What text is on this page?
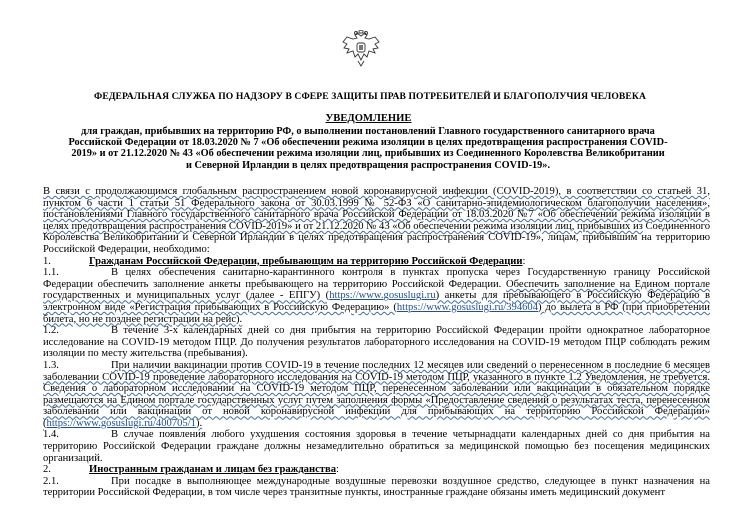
ФЕДЕРАЛЬНАЯ СЛУЖБА ПО НАДЗОРУ В СФЕРЕ ЗАЩИТЫ ПРАВ ПОТРЕБИТЕЛЕЙ И БЛАГОПОЛУЧИЯ ЧЕЛОВЕКА
УВЕДОМЛЕНИЕ
для граждан, прибывших на территорию РФ, о выполнении постановлений Главного государственного санитарного врача Российской Федерации от 18.03.2020 № 7 «Об обеспечении режима изоляции в целях предотвращения распространения COVID-2019» и от 21.12.2020 № 43 «Об обеспечении режима изоляции лиц, прибывших из Соединенного Королевства Великобритании и Северной Ирландии в целях предотвращения распространения COVID-19».

В связи с продолжающимся глобальным распространением новой коронавирусной инфекции (COVID-2019), в соответствии со статьей 31, пунктом 6 части 1 статьи 51 Федерального закона от 30.03.1999 № 52-ФЗ «О санитарно-эпидемиологическом благополучии населения», постановлениями Главного государственного санитарного врача Российской Федерации от 18.03.2020 №7 «Об обеспечении режима изоляции в целях предотвращения распространения COVID-2019» и от 21.12.2020 № 43 «Об обеспечении режима изоляции лиц, прибывших из Соединенного Королевства Великобритании и Северной Ирландии в целях предотвращения распространения COVID-19», лицам, прибывшим на территорию Российской Федерации, необходимо:

1.	Гражданам Российской Федерации, пребывающим на территорию Российской Федерации:

1.1.	В целях обеспечения санитарно-карантинного контроля в пунктах пропуска через Государственную границу Российской Федерации обеспечить заполнение анкеты пребывающего на территорию Российской Федерации. Обеспечить заполнение на Едином портале государственных и муниципальных услуг (далее - ЕПГУ) (https://www.gosuslugi.ru) анкеты для пребывающего в Российскую Федерацию в электронном виде «Регистрация прибывающих в Российскую Федерацию» (https://www.gosuslugi.ru/394604) до вылета в РФ (при приобретении билета, но не позднее регистрации на рейс).

1.2.	В течение 3-х календарных дней со дня прибытия на территорию Российской Федерации пройти однократное лабораторное исследование на COVID-19 методом ПЦР. До получения результатов лабораторного исследования на COVID-19 методом ПЦР соблюдать режим изоляции по месту жительства (пребывания).

1.3.	При наличии вакцинации против COVID-19 в течение последних 12 месяцев или сведений о перенесенном в последние 6 месяцев заболевании COVID-19 проведение лабораторного исследования на COVID-19 методом ПЦР, указанного в пункте 1.2 Уведомления, не требуется. Сведения о лабораторном исследовании на COVID-19 методом ПЦР, перенесенном заболевании или вакцинации в обязательном порядке размещаются на Едином портале государственных услуг путем заполнения формы «Предоставление сведений о результатах теста, перенесенном заболевании или вакцинации от новой коронавирусной инфекции для прибывающих на территорию Российской Федерации» (https://www.gosuslugi.ru/400705/1).

1.4.	В случае появления любого ухудшения состояния здоровья в течение четырнадцати календарных дней со дня прибытия на территорию Российской Федерации граждане должны незамедлительно обратиться за медицинской помощью без посещения медицинских организаций.

2.	Иностранным гражданам и лицам без гражданства:

2.1.	При посадке в выполняющее международные воздушные перевозки воздушное средство, следующее в пункт назначения на территории Российской Федерации, в том числе через транзитные пункты, иностранные граждане обязаны иметь медицинский документ
